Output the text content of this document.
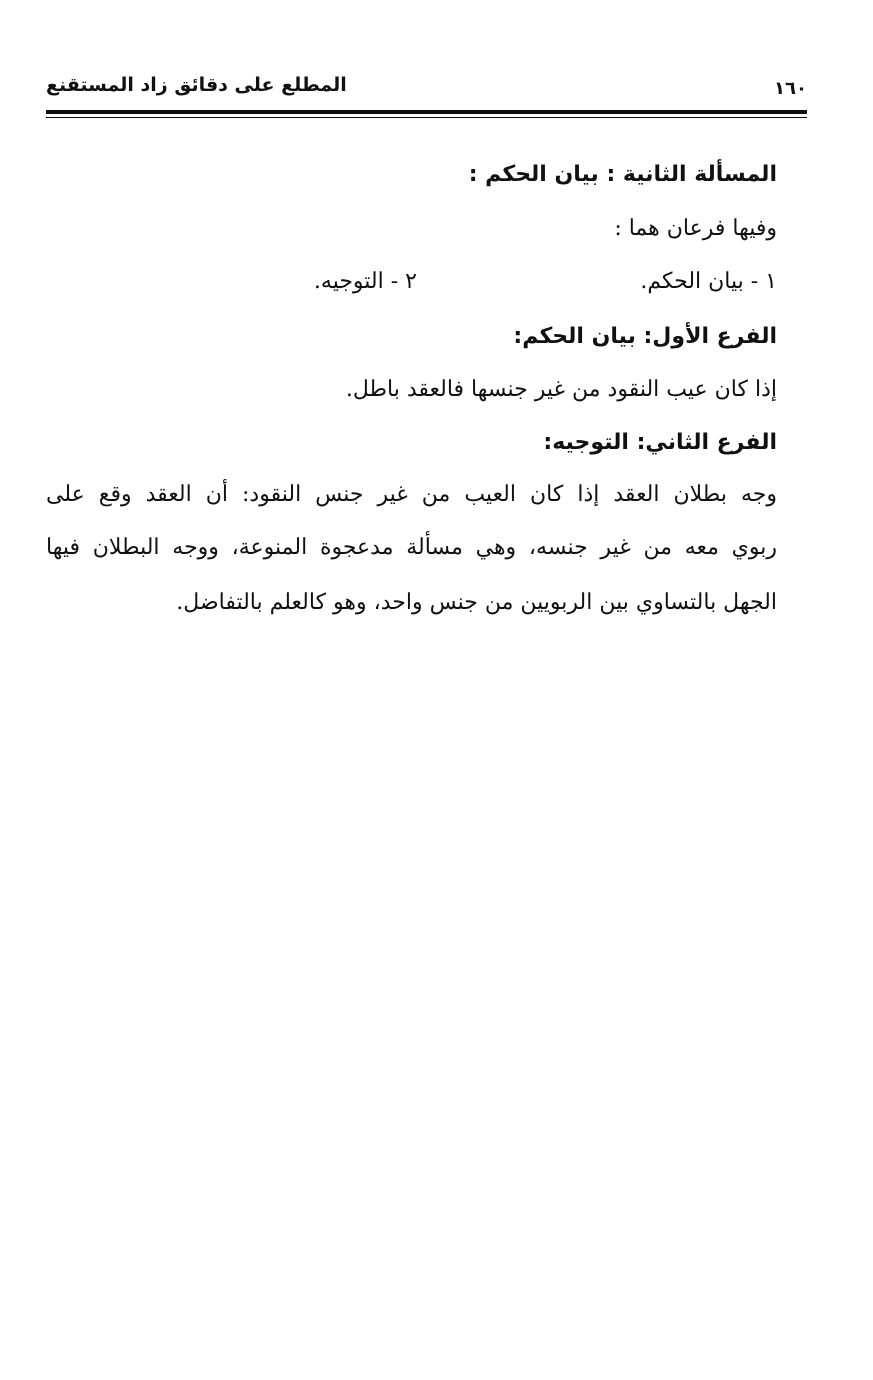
١٦٠
المطلع على دقائق زاد المستقنع
المسألة الثانية : بيان الحكم :
وفيها فرعان هما :
١ - بيان الحكم.
٢ - التوجيه.
الفرع الأول: بيان الحكم:
إذا كان عيب النقود من غير جنسها فالعقد باطل.
الفرع الثاني: التوجيه:
وجه بطلان العقد إذا كان العيب من غير جنس النقود: أن العقد وقع على
ربوي معه من غير جنسه، وهي مسألة مدعجوة المنوعة، ووجه البطلان فيها
الجهل بالتساوي بين الربويين من جنس واحد، وهو كالعلم بالتفاضل.
